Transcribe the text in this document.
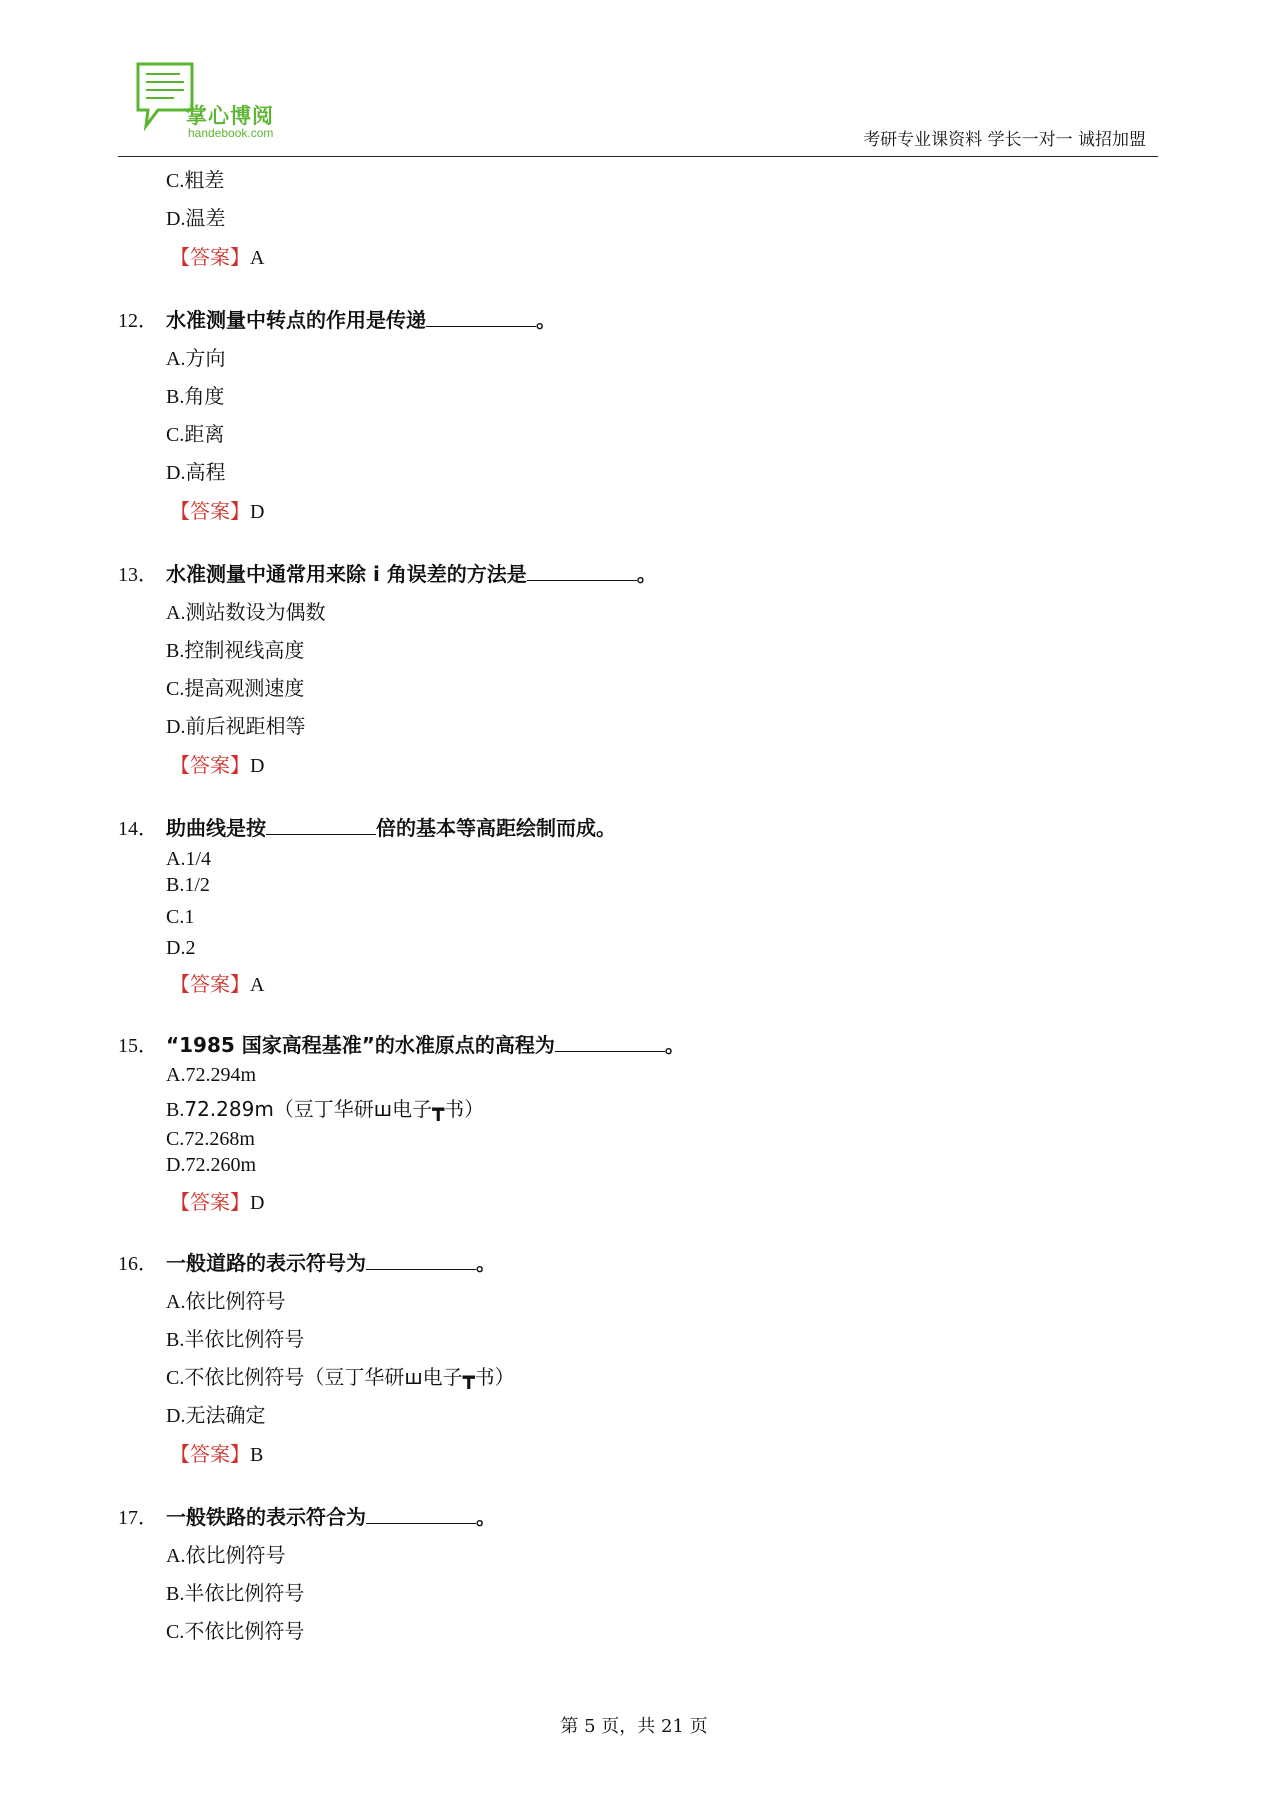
掌心博阅
handebook.com	考研专业课资料 学长一对一 诚招加盟
C.粗差
D.温差
【答案】A
12． 水准测量中转点的作用是传递	。
A.方向
B.角度
C.距离
D.高程
【答案】D
13． 水准测量中通常用来除 i 角误差的方法是	。
A.测站数设为偶数
B.控制视线高度
C.提高观测速度
D.前后视距相等
【答案】D
14． 助曲线是按	倍的基本等高距绘制而成。
A.1/4
B.1/2
C.1
D.2
【答案】A
15． “1985 国家高程基准”的水准原点的高程为	。
A.72.294m
B.72.289m（豆丁华研ш电子┳书）
C.72.268m
D.72.260m
【答案】D
16． 一般道路的表示符号为	。
A.依比例符号
B.半依比例符号
C.不依比例符号（豆丁华研ш电子┳书）
D.无法确定
【答案】B
17． 一般铁路的表示符合为	。
A.依比例符号
B.半依比例符号
C.不依比例符号
第 5 页，共 21 页
